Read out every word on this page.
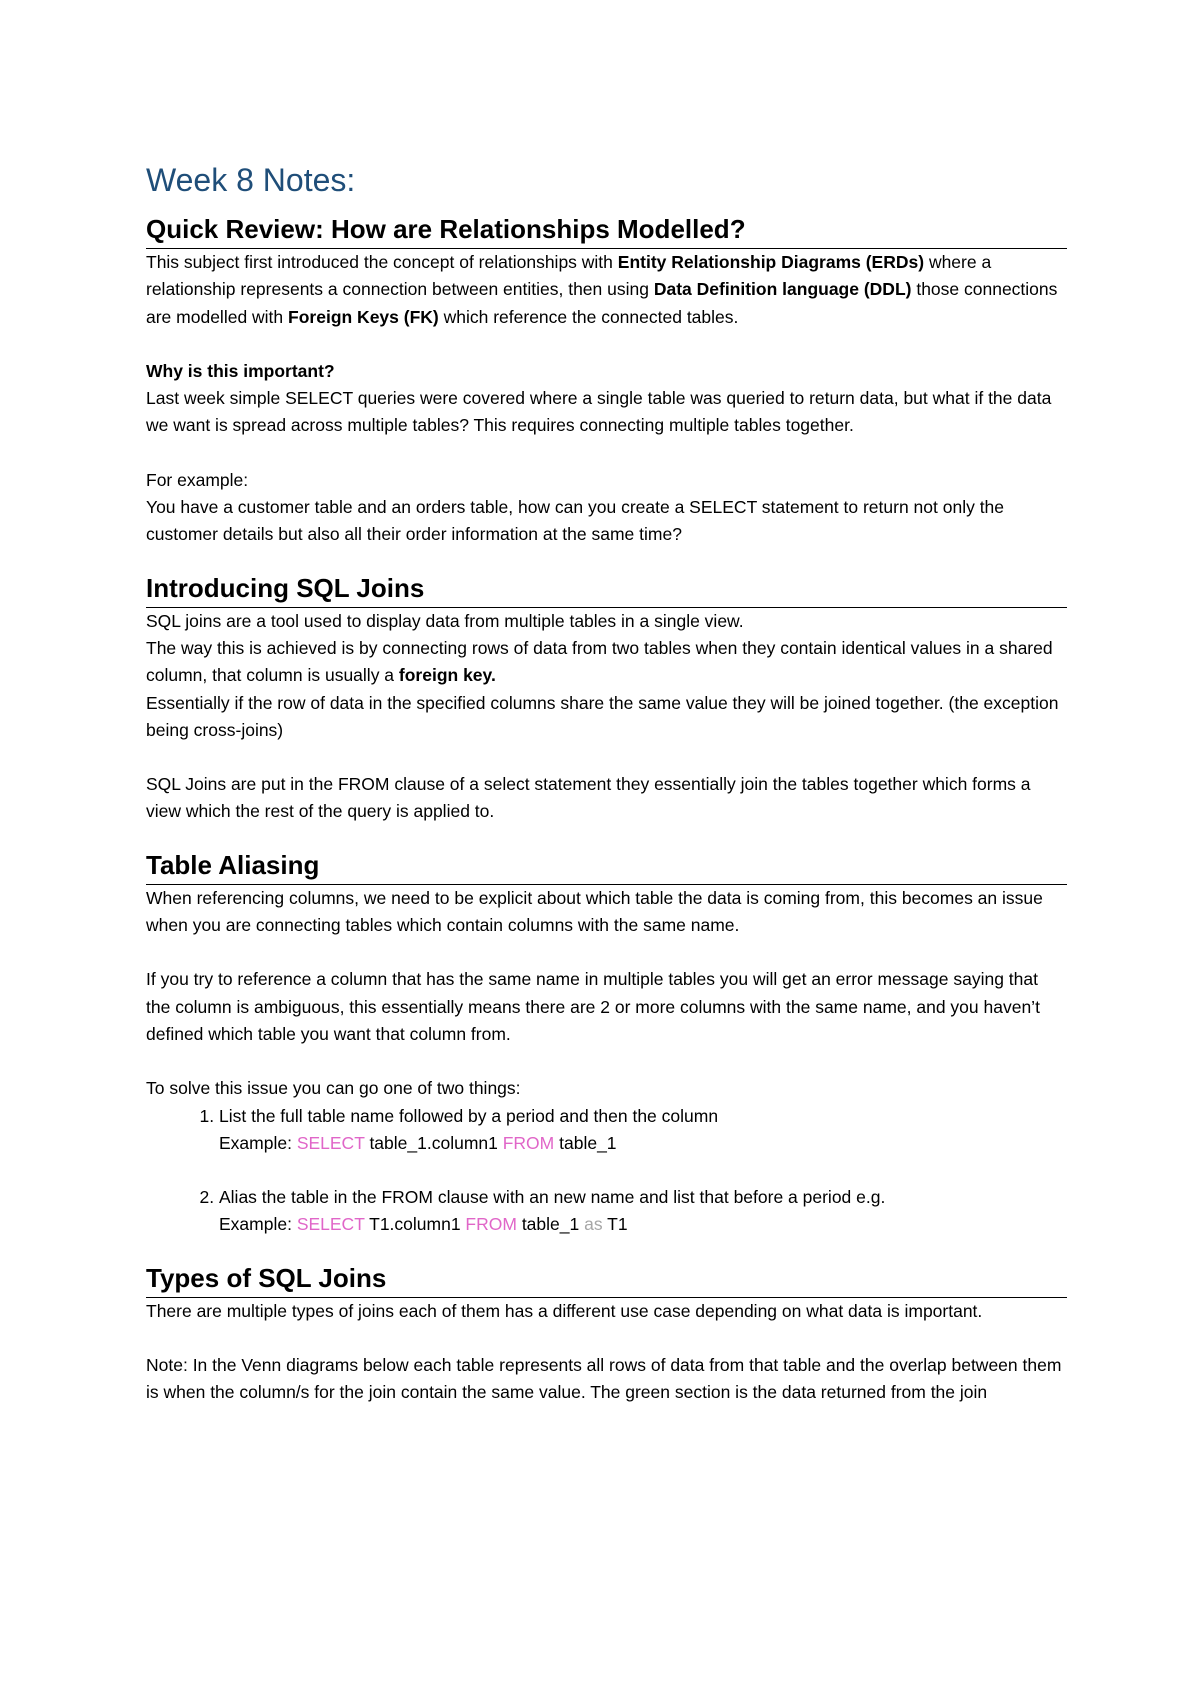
Week 8 Notes:
Quick Review: How are Relationships Modelled?

This subject first introduced the concept of relationships with Entity Relationship Diagrams (ERDs) where a relationship represents a connection between entities, then using Data Definition language (DDL) those connections are modelled with Foreign Keys (FK) which reference the connected tables.

Why is this important?

Last week simple SELECT queries were covered where a single table was queried to return data, but what if the data we want is spread across multiple tables? This requires connecting multiple tables together.

For example:

You have a customer table and an orders table, how can you create a SELECT statement to return not only the customer details but also all their order information at the same time?

Introducing SQL Joins

SQL joins are a tool used to display data from multiple tables in a single view.

The way this is achieved is by connecting rows of data from two tables when they contain identical values in a shared column, that column is usually a foreign key.

Essentially if the row of data in the specified columns share the same value they will be joined together. (the exception being cross-joins)

SQL Joins are put in the FROM clause of a select statement they essentially join the tables together which forms a view which the rest of the query is applied to.

Table Aliasing

When referencing columns, we need to be explicit about which table the data is coming from, this becomes an issue when you are connecting tables which contain columns with the same name.

If you try to reference a column that has the same name in multiple tables you will get an error message saying that the column is ambiguous, this essentially means there are 2 or more columns with the same name, and you haven’t defined which table you want that column from.

To solve this issue you can go one of two things:

1. List the full table name followed by a period and then the column
Example: SELECT table_1.column1 FROM table_1
2. Alias the table in the FROM clause with an new name and list that before a period e.g.
Example: SELECT T1.column1 FROM table_1 as T1
Types of SQL Joins

There are multiple types of joins each of them has a different use case depending on what data is important.

Note: In the Venn diagrams below each table represents all rows of data from that table and the overlap between them is when the column/s for the join contain the same value. The green section is the data returned from the join
